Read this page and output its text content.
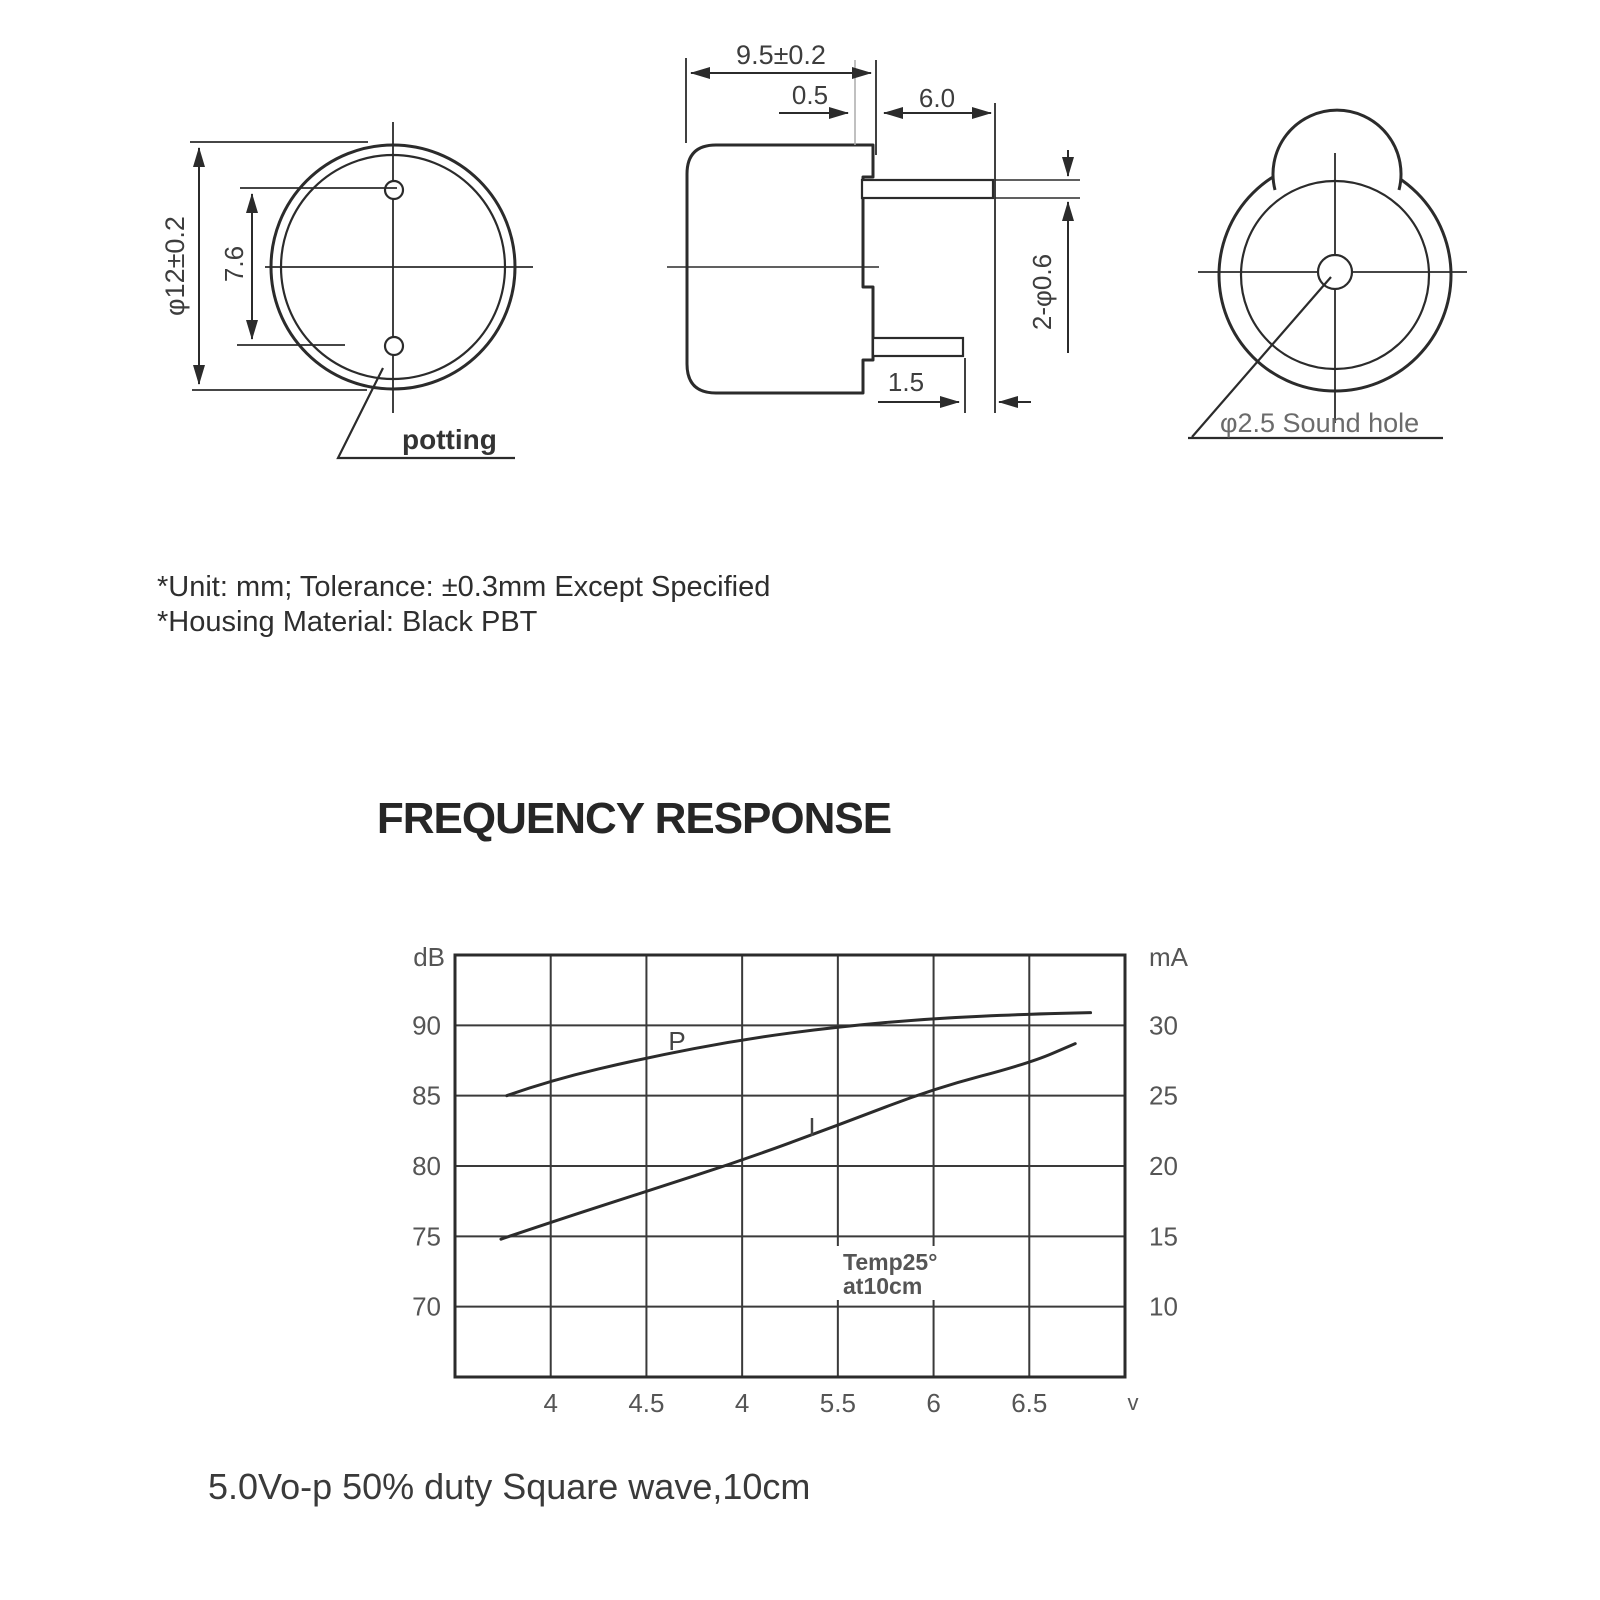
φ12±0.2 7.6
potting
9.5±0.2
0.5	6.0
2-φ0.6
1.5
φ2.5 Sound hole
*Unit: mm; Tolerance: ±0.3mm Except Specified
*Housing Material: Black PBT
FREQUENCY RESPONSE
5.0Vo-p 50% duty Square wave,10cm
90
85
80
75
70
30
25
20
15
10
4	4.5	4	5.5	6	6.5
dB	mA
v
P
I
Temp25°
at10cm
